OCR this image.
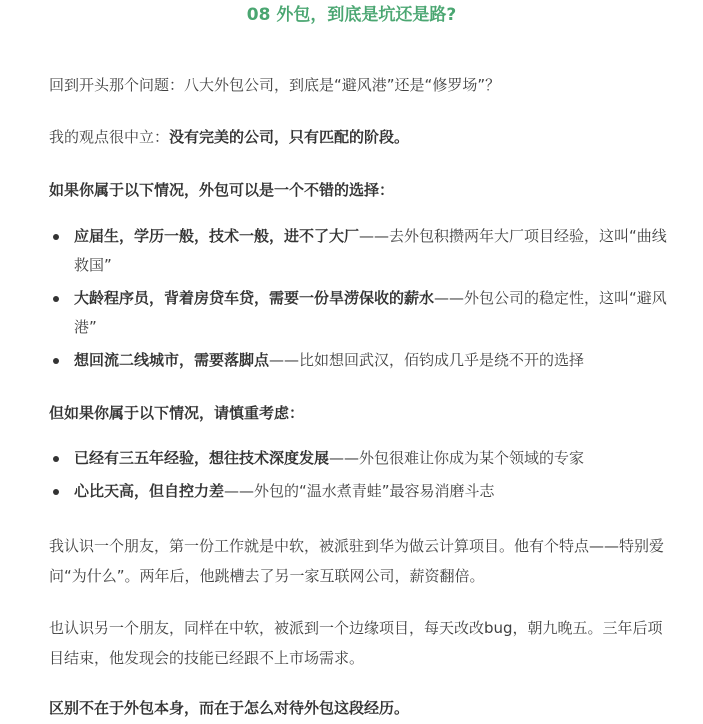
08 外包，到底是坑还是路?
回到开头那个问题：八大外包公司，到底是“避风港”还是“修罗场”？
我的观点很中立：没有完美的公司，只有匹配的阶段。
如果你属于以下情况，外包可以是一个不错的选择：
应届生，学历一般，技术一般，进不了大厂——去外包积攒两年大厂项目经验，这叫“曲线救国”
大龄程序员，背着房贷车贷，需要一份旱涝保收的薪水——外包公司的稳定性，这叫“避风港”
想回流二线城市，需要落脚点——比如想回武汉，佰钧成几乎是绕不开的选择
但如果你属于以下情况，请慎重考虑：
已经有三五年经验，想往技术深度发展——外包很难让你成为某个领域的专家
心比天高，但自控力差——外包的“温水煮青蛙”最容易消磨斗志
我认识一个朋友，第一份工作就是中软，被派驻到华为做云计算项目。他有个特点——特别爱问“为什么”。两年后，他跳槽去了另一家互联网公司，薪资翻倍。
也认识另一个朋友，同样在中软，被派到一个边缘项目，每天改改bug，朝九晚五。三年后项目结束，他发现会的技能已经跟不上市场需求。
区别不在于外包本身，而在于怎么对待外包这段经历。
